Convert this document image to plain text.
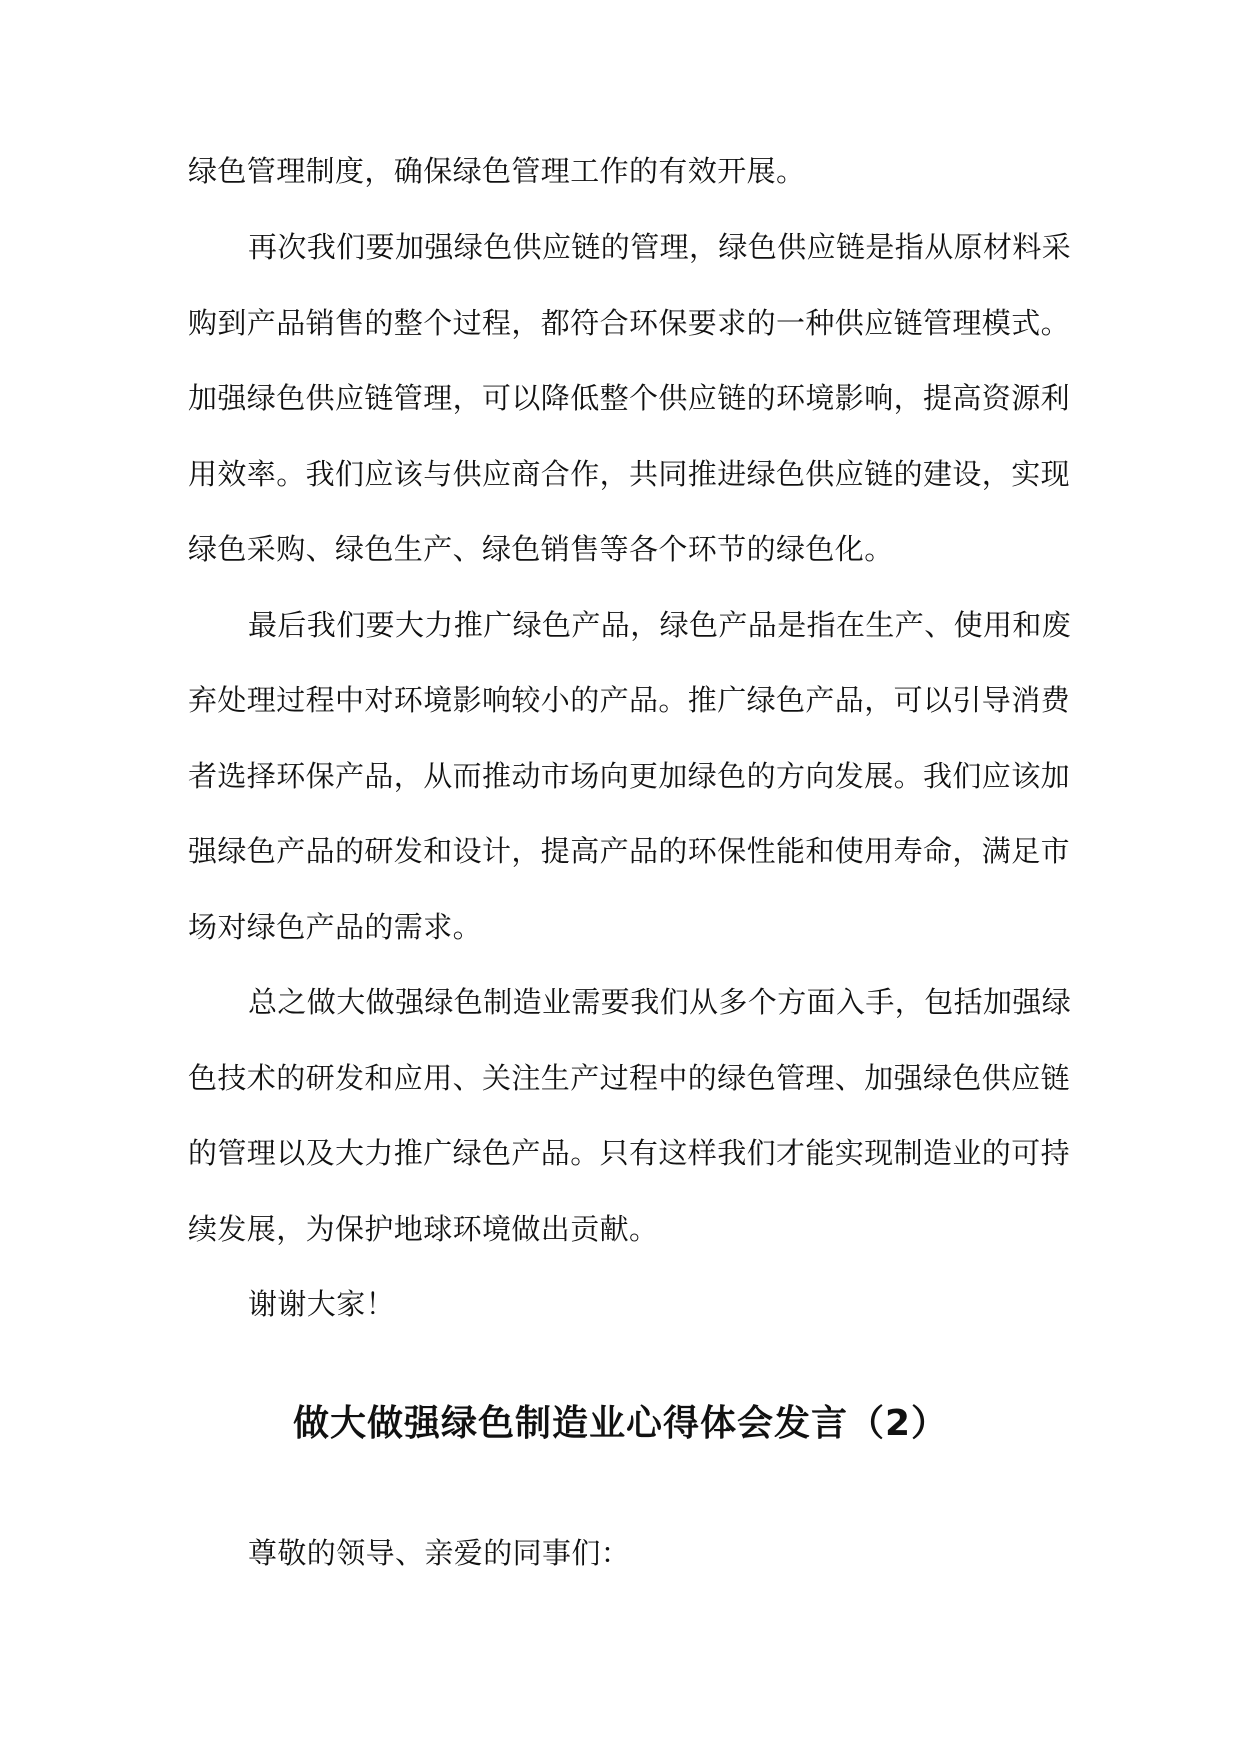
绿色管理制度，确保绿色管理工作的有效开展。
再次我们要加强绿色供应链的管理，绿色供应链是指从原材料采
购到产品销售的整个过程，都符合环保要求的一种供应链管理模式。
加强绿色供应链管理，可以降低整个供应链的环境影响，提高资源利
用效率。我们应该与供应商合作，共同推进绿色供应链的建设，实现
绿色采购、绿色生产、绿色销售等各个环节的绿色化。
最后我们要大力推广绿色产品，绿色产品是指在生产、使用和废
弃处理过程中对环境影响较小的产品。推广绿色产品，可以引导消费
者选择环保产品，从而推动市场向更加绿色的方向发展。我们应该加
强绿色产品的研发和设计，提高产品的环保性能和使用寿命，满足市
场对绿色产品的需求。
总之做大做强绿色制造业需要我们从多个方面入手，包括加强绿
色技术的研发和应用、关注生产过程中的绿色管理、加强绿色供应链
的管理以及大力推广绿色产品。只有这样我们才能实现制造业的可持
续发展，为保护地球环境做出贡献。
谢谢大家！
做大做强绿色制造业心得体会发言（2）
尊敬的领导、亲爱的同事们：
